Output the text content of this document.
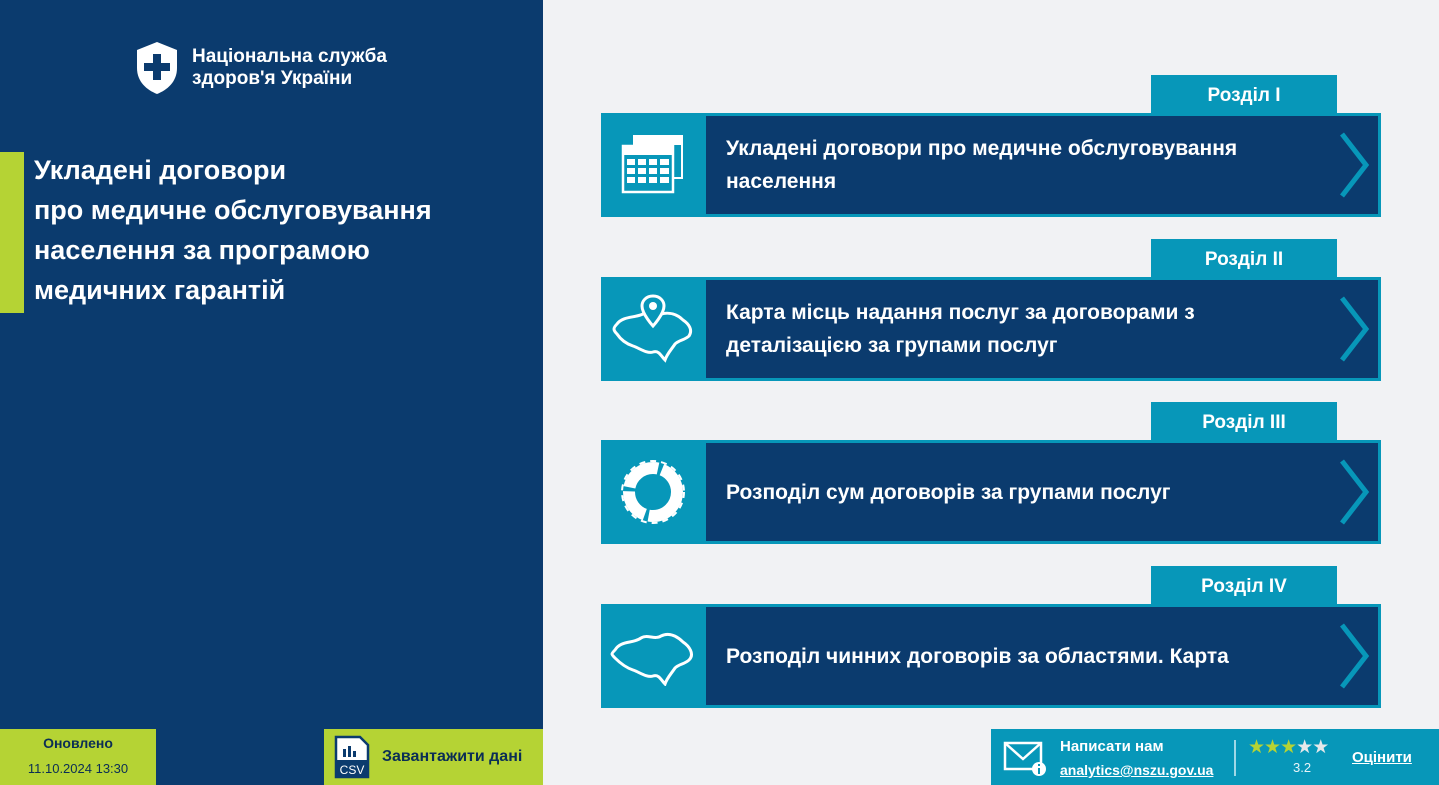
Національна служба
здоров'я України
Укладені договори
про медичне обслуговування
населення за програмою
медичних гарантій
Оновлено
11.10.2024 13:30	CSV
Завантажити дані
Розділ I
Укладені договори про медичне обслуговування
населення
Розділ II
Карта місць надання послуг за договорами з
деталізацією за групами послуг
Розділ III
Розподіл сум договорів за групами послуг
Розділ IV
Розподіл чинних договорів за областями. Карта
Написати нам
analytics@nszu.gov.ua
★★★★★
3.2
Оцінити
